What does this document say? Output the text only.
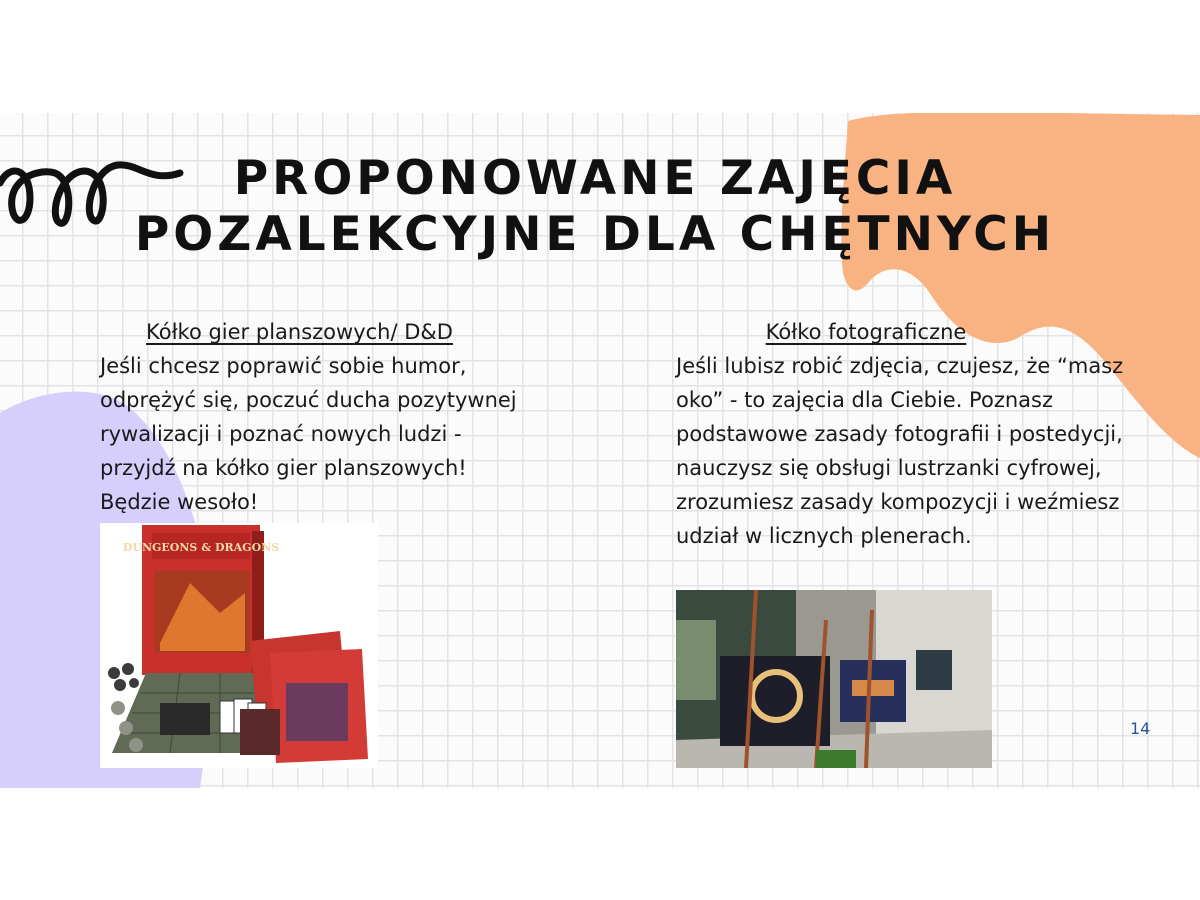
PROPONOWANE ZAJĘCIA POZALEKCYJNE DLA CHĘTNYCH
Kółko gier planszowych/ D&D

Jeśli chcesz poprawić sobie humor, odprężyć się, poczuć ducha pozytywnej rywalizacji i poznać nowych ludzi - przyjdź na kółko gier planszowych! Będzie wesoło!

Kółko fotograficzne

Jeśli lubisz robić zdjęcia, czujesz, że “masz oko” - to zajęcia dla Ciebie. Poznasz podstawowe zasady fotografii i postedycji, nauczysz się obsługi lustrzanki cyfrowej, zrozumiesz zasady kompozycji i weźmiesz udział w licznych plenerach.

DUNGEONS & DRAGONS
14
